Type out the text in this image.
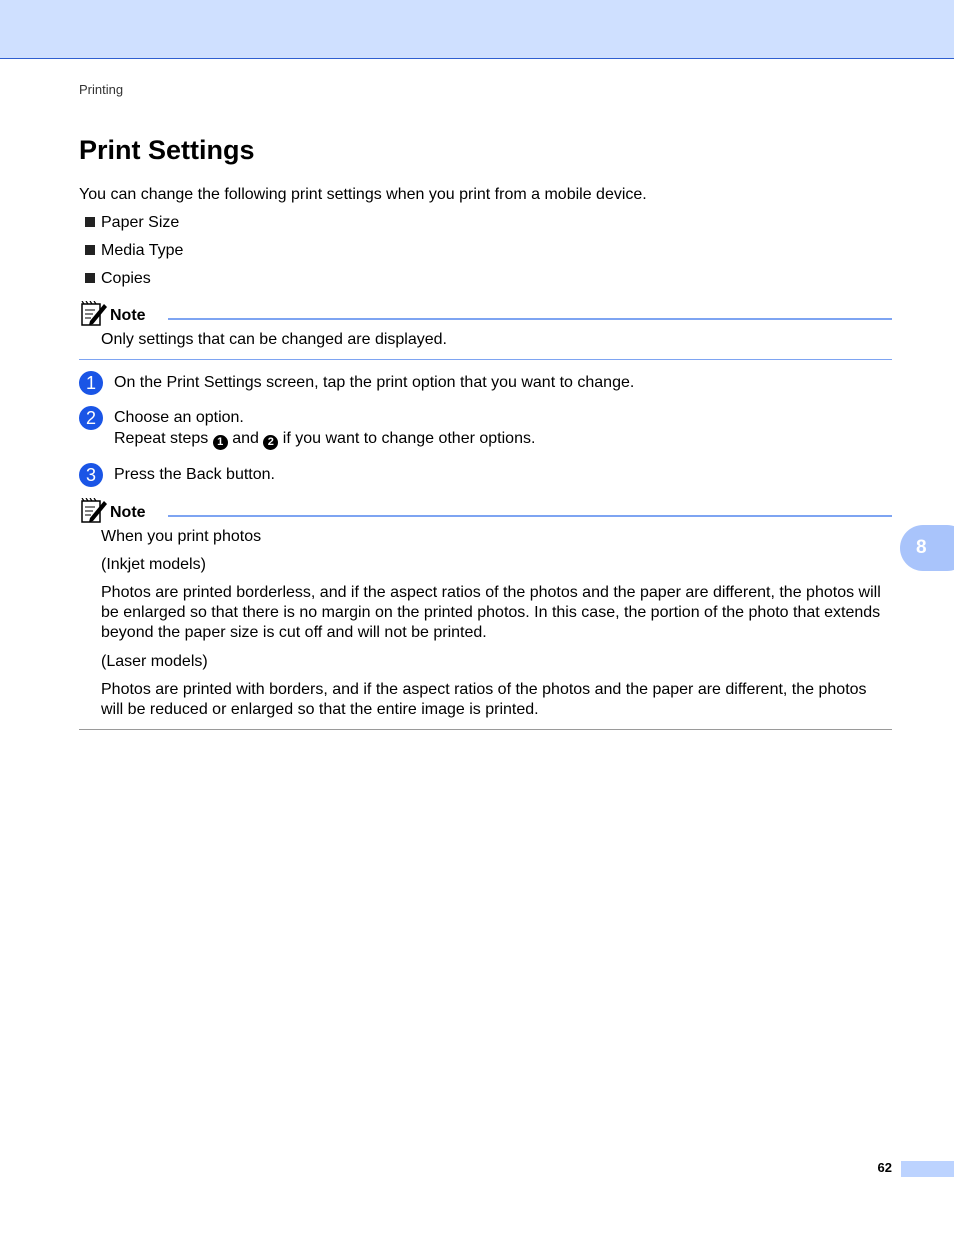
Printing
Print Settings

You can change the following print settings when you print from a mobile device.

Paper Size
Media Type
Copies
Note

Only settings that can be changed are displayed.

1	On the Print Settings screen, tap the print option that you want to change.
2	Choose an option.
Repeat steps 1 and 2 if you want to change other options.
3	Press the Back button.
Note

When you print photos

(Inkjet models)

Photos are printed borderless, and if the aspect ratios of the photos and the paper are different, the photos will be enlarged so that there is no margin on the printed photos. In this case, the portion of the photo that extends beyond the paper size is cut off and will not be printed.

(Laser models)

Photos are printed with borders, and if the aspect ratios of the photos and the paper are different, the photos will be reduced or enlarged so that the entire image is printed.

8
62
